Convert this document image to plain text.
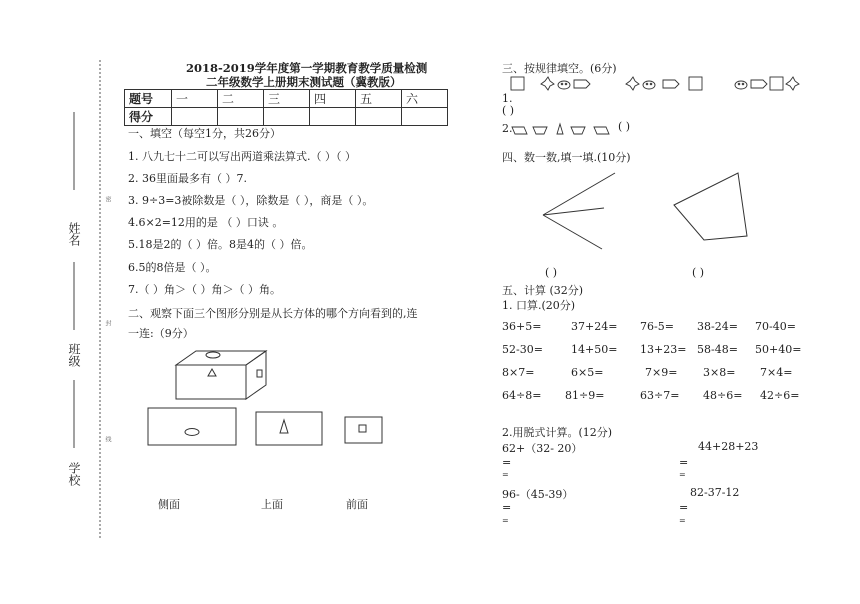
姓名
班级
学校
密
封
线
2018-2019学年度第一学期教育教学质量检测
二年级数学上册期末测试题（冀教版）
题号	一	二	三	四	五	六
得分						
一、填空（每空1分，共26分）
1. 八九七十二可以写出两道乘法算式.（ ）（ ）
2. 36里面最多有（ ）7.
3. 9÷3=3被除数是（ ），除数是（ ），商是（ ）。
4.6×2=12用的是 （ ）口诀 。
5.18是2的（ ）倍。8是4的（ ）倍。
6.5的8倍是（ ）。
7.（ ）角＞（ ）角＞（ ）角。
二、观察下面三个图形分别是从长方体的哪个方向看到的,连
一连:（9分）
侧面	上面	前面
三、按规律填空。(6分)
1.
( )
2.	( )
四、数一数,填一填.(10分)
( )	( )
五、计算 (32分)
1. 口算.(20分)
36+5=	37+24= 76-5= 38-24= 70-40=
52-30=	14+50= 13+23= 58-48= 50+40=
8×7=	6×5=	7×9= 3×8= 7×4=
64÷8= 81÷9=	63÷7= 48÷6= 42÷6=
2.用脱式计算。(12分)
62+（32- 20）
=
=
44+28+23
=
=
96-（45-39）
=
=
82-37-12
=
=
